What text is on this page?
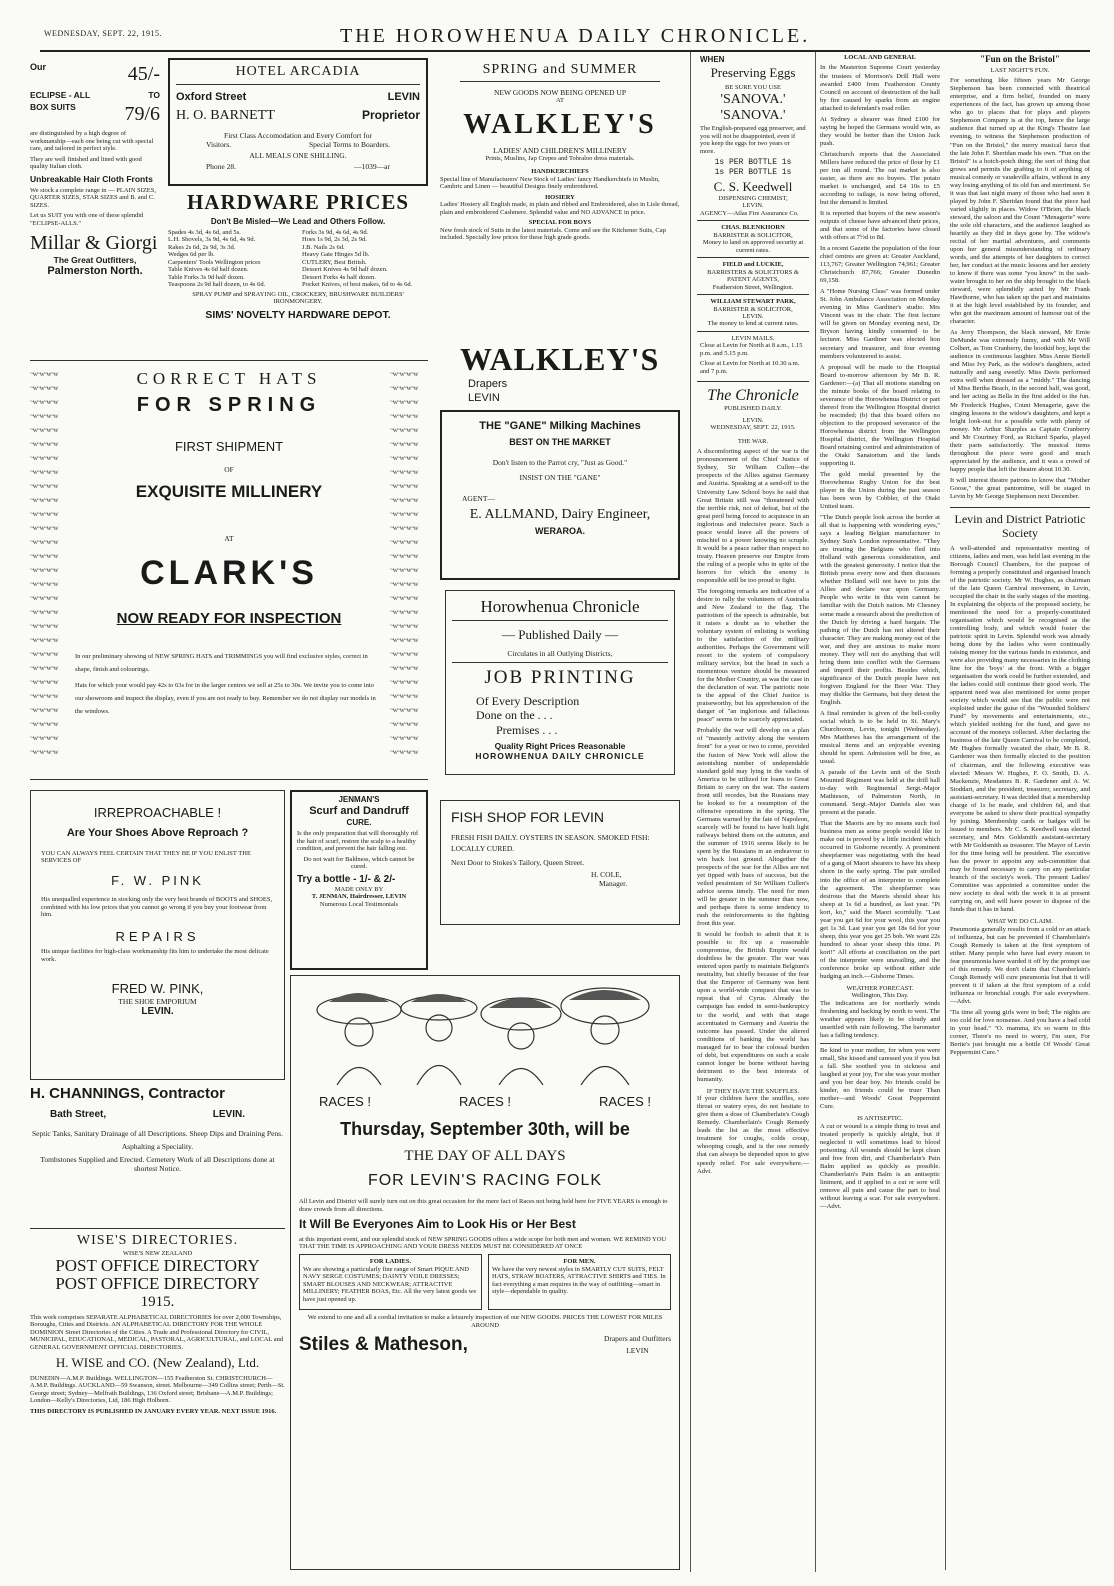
WEDNESDAY, SEPT. 22, 1915.	THE HOROWHENUA DAILY CHRONICLE.
Our	45/-
ECLIPSE - ALL	TO
BOX SUITS 79/6

are distinguished by a high degree of workmanship—each one being cut with special care, and tailored in perfect style.

They are well finished and lined with good quality Italian cloth.

Unbreakable Hair Cloth Fronts

We stock a complete range in — PLAIN SIZES, QUARTER SIZES, STAR SIZES and B. and C. SIZES.

Let us SUIT you with one of these splendid "ECLIPSE-ALLS."

Millar & Giorgi
The Great Outfitters,
Palmerston North.
HOTEL ARCADIA
Oxford Street	LEVIN
H. O. BARNETT	Proprietor
First Class Accomodation and Every Comfort for
Visitors.	Special Terms to Boarders.
ALL MEALS ONE SHILLING.
Phone 28.	—1039—ar
HARDWARE PRICES
Don't Be Misled—We Lead and Others Follow.
Spades 4s 3d, 4s 6d, and 5s.
L.H. Shovels, 3s 9d, 4s 6d, 4s 9d.
Rakes 2s 6d, 2s 9d, 3s 3d.
Wedges 6d per lb.
Carpenters' Tools Wellington prices
Table Knives 4s 6d half dozen.
Table Forks 3s 9d half dozen.
Teaspoons 2s 9d half dozen, to 4s 6d.
Forks 3s 9d, 4s 6d, 4s 9d.
Hoes 1s 9d, 2s 3d, 2s 9d.
J.B. Nails 2s 6d.
Heavy Gate Hinges 5d lb.
CUTLERY, Best British.
Dessert Knives 4s 9d half dozen.
Dessert Forks 4s half dozen.
Pocket Knives, of best makes, 6d to 4s 6d.
SPRAY PUMP and SPRAYING OIL, CROCKERY, BRUSHWARE BUILDERS' IRONMONGERY.
SIMS' NOVELTY HARDWARE DEPOT.
~w~w~w~w ~w~w~w~w ~w~w~w~w ~w~w~w~w ~w~w~w~w ~w~w~w~w ~w~w~w~w ~w~w~w~w ~w~w~w~w ~w~w~w~w ~w~w~w~w ~w~w~w~w ~w~w~w~w ~w~w~w~w ~w~w~w~w ~w~w~w~w ~w~w~w~w ~w~w~w~w ~w~w~w~w ~w~w~w~w ~w~w~w~w ~w~w~w~w ~w~w~w~w ~w~w~w~w ~w~w~w~w ~w~w~w~w ~w~w~w~w ~w~w~w~w
~w~w~w~w ~w~w~w~w ~w~w~w~w ~w~w~w~w ~w~w~w~w ~w~w~w~w ~w~w~w~w ~w~w~w~w ~w~w~w~w ~w~w~w~w ~w~w~w~w ~w~w~w~w ~w~w~w~w ~w~w~w~w ~w~w~w~w ~w~w~w~w ~w~w~w~w ~w~w~w~w ~w~w~w~w ~w~w~w~w ~w~w~w~w ~w~w~w~w ~w~w~w~w ~w~w~w~w ~w~w~w~w ~w~w~w~w ~w~w~w~w ~w~w~w~w
CORRECT HATS
FOR SPRING
FIRST SHIPMENT
OF
EXQUISITE MILLINERY
AT
CLARK'S
NOW READY FOR INSPECTION

In our preliminary showing of NEW SPRING HATS and TRIMMINGS you will find exclusive styles, correct in shape, finish and colourings.

Hats for which your would pay 42s to 63s for in the larger centres we sell at 25s to 30s. We invite you to come into our showroom and inspect the display, even if you are not ready to buy. Remember we do not display our models in the windows.

IRREPROACHABLE !
Are Your Shoes Above Reproach ?

YOU CAN ALWAYS FEEL CERTAIN THAT THEY BE IF YOU ENLIST THE SERVICES OF

F. W. PINK

His unequalled experience in stocking only the very best brands of BOOTS and SHOES, combined with his low prices that you cannot go wrong if you buy your footwear from him.

REPAIRS

His unique facilities for high-class workmanship fits him to undertake the most delicate work.

FRED W. PINK,
THE SHOE EMPORIUM
LEVIN.
JENMAN'S
Scurf and Dandruff
CURE.

Is the only preparation that will thoroughly rid the hair of scurf, restore the scalp to a healthy condition, and prevent the hair falling out.

Do not wait for Baldness, which cannot be cured.

Try a bottle - 1/- & 2/-
MADE ONLY BY
T. JENMAN, Hairdresser, LEVIN
Numerous Local Testimonials
H. CHANNINGS, Contractor
Bath Street,	LEVIN.

Septic Tanks, Sanitary Drainage of all Descriptions. Sheep Dips and Draining Pens.

Asphalting a Speciality.

Tombstones Supplied and Erected. Cemetery Work of all Descriptions done at shortest Notice.

WISE'S DIRECTORIES.
WISE'S NEW ZEALAND
POST OFFICE DIRECTORY
POST OFFICE DIRECTORY
1915.

This work comprises SEPARATE ALPHABETICAL DIRECTORIES for over 2,000 Townships, Boroughs, Cities and Districts. AN ALPHABETICAL DIRECTORY FOR THE WHOLE DOMINION Street Directories of the Cities. A Trade and Professional Directory for CIVIL, MUNICIPAL, EDUCATIONAL, MEDICAL, PASTORAL, AGRICULTURAL, and LOCAL and GENERAL GOVERNMENT OFFICIAL DIRECTORIES.

H. WISE and CO. (New Zealand), Ltd.

DUNEDIN—A.M.P. Buildings. WELLINGTON—155 Featherston St. CHRISTCHURCH—A.M.P. Buildings. AUCKLAND—59 Swanson, street. Melbourne—349 Collins street; Perth—St. George street; Sydney—Melfrath Buildings, 136 Oxford street; Brisbane—A.M.P. Buildings; London—Kelly's Directories, Ltd, 186 High Holborn.

THIS DIRECTORY IS PUBLISHED IN JANUARY EVERY YEAR. NEXT ISSUE 1916.

SPRING and SUMMER
NEW GOODS NOW BEING OPENED UP
AT
WALKLEY'S
LADIES' AND CHILDREN'S MILLINERY
Prints, Muslins, Jap Crepes and Tobraloo dress materials.
HANDKERCHIEFS

Special line of Manufacturers' New Stock of Ladies' fancy Handkerchiefs in Muslin, Cambric and Linen — beautiful Designs finely embroidered.

HOSIERY

Ladies' Hosiery all English made, in plain and ribbed and Embroidered, also in Lisle thread, plain and embroidered Cashmere. Splendid value and NO ADVANCE in price.

SPECIAL FOR BOYS

New fresh stock of Suits in the latest materials. Come and see the Kitchener Suits, Cap included. Specially low prices for these high grade goods.

WALKLEY'S
Drapers
LEVIN
THE "GANE" Milking Machines
BEST ON THE MARKET
Don't listen to the Parrot cry, "Just as Good."
INSIST ON THE "GANE"
AGENT—
E. ALLMAND, Dairy Engineer,
WERAROA.
Horowhenua Chronicle
— Published Daily —
Circulates in all Outlying Districts,
JOB PRINTING
Of Every Description
Done on the . . .
Premises . . .
Quality Right Prices Reasonable
HOROWHENUA DAILY CHRONICLE
FISH SHOP FOR LEVIN

FRESH FISH DAILY. OYSTERS IN SEASON. SMOKED FISH: LOCALLY CURED.

Next Door to Stokes's Tailory, Queen Street.

H. COLE,
Manager.
RACES !	RACES !	RACES !
Thursday, September 30th, will be
THE DAY OF ALL DAYS
FOR LEVIN'S RACING FOLK

All Levin and District will surely turn out on this great occasion for the mere fact of Races not being held here for FIVE YEARS is enough to draw crowds from all directions.

It Will Be Everyones Aim to Look His or Her Best

at this important event, and our splendid stock of NEW SPRING GOODS offers a wide scope for both men and women. WE REMIND YOU THAT THE TIME IS APPROACHING AND YOUR DRESS NEEDS MUST BE CONSIDERED AT ONCE

FOR LADIES.

We are showing a particularly fine range of Smart PIQUE AND NAVY SERGE COSTUMES; DAINTY VOILE DRESSES; SMART BLOUSES AND NECKWEAR; ATTRACTIVE MILLINERY; FEATHER BOAS, Etc. All the very latest goods we have just opened up.

FOR MEN.

We have the very newest styles in SMARTLY CUT SUITS, FELT HATS, STRAW BOATERS, ATTRACTIVE SHIRTS and TIES. In fact everything a man requires in the way of outfitting—smart in style—dependable in quality.

We extend to one and all a cordial invitation to make a leisurely inspection of our NEW GOODS. PRICES THE LOWEST FOR MILES AROUND

Stiles & Matheson,	Drapers and Outfitters
LEVIN
WHEN
Preserving Eggs
BE SURE YOU USE
'SANOVA.'
'SANOVA.'

The English-prepared egg preserver, and you will not be disappointed, even if you keep the eggs for two years or more.

1s PER BOTTLE 1s
1s PER BOTTLE 1s
C. S. Keedwell
DISPENSING CHEMIST,
LEVIN.
AGENCY—Atlas Fire Assurance Co.
CHAS. BLENKHORN
BARRISTER & SOLICITOR,
Money to land on approved security at current rates.
FIELD and LUCKIE,
BARRISTERS & SOLICITORS & PATENT AGENTS,
Featherston Street, Wellington.
WILLIAM STEWART PARK,
BARRISTER & SOLICITOR,
LEVIN.
The money to lend at current rates.
LEVIN MAILS.

Close at Levin for North at 8 a.m., 1.15 p.m. and 5.15 p.m.

Close at Levin for North at 10.30 a.m. and 7 p.m.

The Chronicle
PUBLISHED DAILY.
LEVIN.
WEDNESDAY, SEPT. 22, 1915.
THE WAR.

A discomforting aspect of the war is the pronouncement of the Chief Justice of Sydney, Sir William Cullen—the prospects of the Allies against Germany and Austria. Speaking at a send-off to the University Law School boys he said that Great Britain still was "threatened with the terrible risk, not of defeat, but of the great peril being forced to acquiesce in an inglorious and indecisive peace. Such a peace would leave all the powers of mischief to a power knowing no scruple. It would be a peace rather than respect no treaty. Heaven preserve our Empire from the ruling of a people who in spite of the horrors for which the enemy is responsible still be too proud to fight.

The foregoing remarks are indicative of a desire to rally the volunteers of Australia and New Zealand to the flag. The patriotism of the speech is admirable, but it raises a doubt as to whether the voluntary system of enlisting is working to the satisfaction of the military authorities. Perhaps the Government will resort to the system of compulsory military service, but the head in such a momentous venture should be measured for the Mother Country, as was the case in the declaration of war. The patriotic note is the appeal of the Chief Justice is praiseworthy, but his apprehension of the danger of "an inglorious and fallacious peace" seems to be scarcely appreciated.

Probably the war will develop on a plan of "masterly activity along the western front" for a year or two to come, provided the fusion of New York will allow the astonishing number of undependable standard gold may lying in the vaults of America to be utilized for loans to Great Britain to carry on the war. The eastern front still recedes, but the Russians may be looked to for a resumption of the offensive operations in the spring. The Germans warned by the fate of Napoleon, scarcely will be found to have built light railways behind them on the autumn, and the summer of 1916 seems likely to be spent by the Russians in an endeavour to win back lost ground. Altogether the prospects of the war for the Allies are not yet tipped with hues of success, but the veiled pessimism of Sir William Cullen's advice seems timely. The need for men will be greater in the summer than now, and perhaps there is some tendency to rush the reinforcements to the fighting front this year.

It would be foolish to admit that it is possible to fix up a reasonable compromise, the British Empire would doubtless be the greater. The war was entered upon partly to maintain Belgium's neutrality, but chiefly because of the fear that the Emperor of Germany was bent upon a world-wide conquest that was to repeat that of Cyrus. Already the campaign has ended in semi-bankruptcy to the world, and with that stage accentuated in Germany and Austria the outcome has passed. Under the altered conditions of banking the world has managed far to bear the colossal burden of debt, but expenditures on such a scale cannot longer be borne without having detriment to the best interests of humanity.

IF THEY HAVE THE SNUFFLES.

If your children have the snuffles, sore throat or watery eyes, do not hesitate to give them a dose of Chamberlain's Cough Remedy. Chamberlain's Cough Remedy leads the list as the most effective treatment for coughs, colds croup, whooping cough, and is the one remedy that can always be depended upon to give speedy relief. For sale everywhere.—Advt.

LOCAL AND GENERAL

In the Masterton Supreme Court yesterday the trustees of Morrison's Drill Hall were awarded £400 from Featherston County Council on account of destruction of the hall by fire caused by sparks from an engine attached to defendant's road roller.

At Sydney a shearer was fined £100 for saying he hoped the Germans would win, as they would be better than the Union Jack push.

Christchurch reports that the Associated Millers have reduced the price of flour by £1 per ton all round. The oat market is also easier, as there are no buyers. The potato market is unchanged, and £4 10s to £5 according to railage, is now being offered, but the demand is limited.

It is reported that buyers of the new season's outputs of cheese have advanced their prices, and that some of the factories have closed with offers at 7½d to 8d.

In a recent Gazette the population of the four chief centres are given at: Greater Auckland, 113,767; Greater Wellington 74,961; Greater Christchurch 87,766; Greater Dunedin 69,158.

A "Home Nursing Class" was formed under St. John Ambulance Association on Monday evening in Miss Gardiner's studio. Mrs Vincent was in the chair. The first lecture will be given on Monday evening next, Dr Bryson having kindly consented to be lecturer. Miss Gardiner was elected hon secretary and treasurer, and four evening members volunteered to assist.

A proposal will be made to the Hospital Board to-morrow afternoon by Mr B. R. Gardener:—(a) That all motions standing on the minute books of the board relating to severance of the Horowhenua District or part thereof from the Wellington Hospital district be rescinded; (b) that this board offers no objection to the proposed severance of the Horowhenua district from the Wellington Hospital district, the Wellington Hospital Board retaining control and administration of the Otaki Sanatorium and the lands supporting it.

The gold medal presented by the Horowhenua Rugby Union for the best player in the Union during the past season has been won by Cobbler, of the Otaki United team.

"The Dutch people look across the border at all that is happening with wondering eyes," says a leading Belgian manufacturer to Sydney Sun's London representative. "They are treating the Belgians who fled into Holland with generous consideration, and with the greatest generosity. I notice that the British press every now and then discusses whether Holland will not have to join the Allies and declare war upon Germany. People who write in this vein cannot be familiar with the Dutch nation. Mr Chesney some made a research about the prediction of the Dutch by driving a hard bargain. The pathing of the Dutch has not altered their character. They are making money out of the war, and they are anxious to make more money. They will not do anything that will bring them into conflict with the Germans and imperil their profits. Besides which, significance of the Dutch people have not forgiven England for the Boer War. They may dislike the Germans, but they detest the English.

A final reminder is given of the bell-coolty social which is to be held in St. Mary's Churchroom, Levin, tonight (Wednesday). Mrs Matthews has the arrangement of the musical items and an enjoyable evening should be spent. Admission will be free, as usual.

A parade of the Levin unit of the Sixth Mounted Regiment was held at the drill hall to-day with Regimental Sergt.-Major Mathieson, of Palmerston North, in command. Sergt.-Major Daniels also was present at the parade.

That the Maoris are by no means such fool business men as some people would like to make out is proved by a little incident which occurred in Gisborne recently. A prominent sheepfarmer was negotiating with the head of a gang of Maori shearers to have his sheep shorn in the early spring. The pair strolled into the office of an interpreter to complete the agreement. The sheepfarmer was desirous that the Maoris should shear his sheep at 1s 6d a hundred, as last year. "Pi kori, ko," said the Maori scornfully. "Last year you get 6d for your wool, this year you get 1s 3d. Last year you get 18s 6d for your sheep, this year you get 25 bob. We want 22s hundred to shear your sheep this time. Pi kori!" All efforts at conciliation on the part of the interpreter were unavailing, and the conference broke up without either side budging an inch.—Gisborne Times.

WEATHER FORECAST.
Wellington, This Day.

The indications are for northerly winds freshening and backing by north to west. The weather appears likely to be cloudy and unsettled with rain following. The barometer has a falling tendency.

Be kind to your mother, for when you were small, She kissed and caressed you if you but a fall. She soothed you in sickness and laughed at your joy, For she was your mother and you her dear boy. No friends could be kinder, no friends could be truer Than mother—and Woods' Great Peppermint Cure.

IS ANTISEPTIC.

A cut or wound is a simple thing to treat and treated properly is quickly alright, but if neglected it will sometimes lead to blood poisoning. All wounds should be kept clean and free from dirt, and Chamberlain's Pain Balm applied as quickly as possible. Chamberlain's Pain Balm is an antiseptic liniment, and if applied to a cut or sore will remove all pain and cause the part to heal without leaving a scar. For sale everywhere.—Advt.

"Fun on the Bristol"
LAST NIGHT'S FUN.

For something like fifteen years Mr George Stephenson has been connected with theatrical enterprise, and a firm belief, founded on many experiences of the fact, has grown up among those who go to places that for plays and players Stephenson Company is at the top, hence the large audience that turned up at the King's Theatre last evening, to witness the Stephenson production of "Fun on the Bristol," the merry musical farce that the late John F. Sheridan made his own. "Fun on the Bristol" is a hotch-potch thing; the sort of thing that grows and permits the grafting to it of anything of musical comedy or vaudeville affairs, without in any way losing anything of its old fun and merriment. So it was that last night many of those who had seen it played by John F. Sheridan found that the piece had varied slightly in places. Widow O'Brien, the black steward, the saloon and the Count "Menagerie" were the sole old characters, and the audience laughed as heartily as they did in days gone by. The widow's recital of her marital adventures, and comments upon her general misunderstanding of ordinary words, and the attempts of her daughters to correct her, her conduct at the music lessons and her anxiety to know if there was some "you know" in the sash-water brought to her on the ship brought to the black steward, were splendidly acted by Mr Frank Hawthorne, who has taken up the part and maintains it at the high level established by its founder, and who got the maximum amount of humour out of the character.

As Jerry Thompson, the black steward, Mr Ernie DeMunde was extremely funny, and with Mr Will Colbert, as Tom Cranberry, the bootkid boy, kept the audience in continuous laughter. Miss Annie Bertell and Miss Ivy Park, as the widow's daughters, acted naturally and sang sweetly. Miss Davis performed extra well when dressed as a "middy." The dancing of Miss Bertha Beach, in the second half, was good, and her acting as Bella in the first added to the fun. Mr Frederick Hughes, Count Menagerie, gave the singing lessons to the widow's daughters, and kept a bright look-out for a possible wife with plenty of money. Mr Arthur Sharples as Captain Cranberry and Mr Courtney Ford, as Richard Sparks, played their parts satisfactorily. The musical items throughout the piece were good and much appreciated by the audience, and it was a crowd of happy people that left the theatre about 10.30.

It will interest theatre patrons to know that "Mother Goose," the great pantomime, will be staged in Levin by Mr George Stephenson next December.

Levin and District Patriotic Society

A well-attended and representative meeting of citizens, ladies and men, was held last evening in the Borough Council Chambers, for the purpose of forming a properly constituted and organised branch of the patriotic society. Mr W. Hughes, as chairman of the late Queen Carnival movement, in Levin, occupied the chair in the early stages of the meeting. In explaining the objects of the proposed society, he mentioned the need for a properly-constituted organisation which would be recognised as the controlling body, and which would foster the patriotic spirit in Levin. Splendid work was already being done by the ladies who were continually raising money for the various funds in existence, and were also providing many necessaries in the clothing line for the 'boys' at the front. With a bigger organisation the work could be further extended, and the ladies could still continue their good work. The apparent need was also mentioned for some proper society which would see that the public were not exploited under the guise of the "Wounded Soldiers' Fund" by movements and entertainments, etc., which yielded nothing for the fund, and gave no account of the moneys collected. After declaring the business of the late Queen Carnival to be completed, Mr Hughes formally vacated the chair, Mr B. R. Gardener was then formally elected to the position of chairman, and the following executive was elected: Messrs W. Hughes, F. O. Smith, D. A. Mackenzie, Mesdames B. R. Gardener and A. W. Stoddart, and the president, treasurer, secretary, and assistant-secretary. It was decided that a membership charge of 1s be made, and children 6d, and that everyone be asked to show their practical sympathy by joining. Membership cards or badges will be issued to members. Mr C. S. Keedwell was elected secretary, and Mrs Goldsmith assistant-secretary with Mr Goldsmith as treasurer. The Mayor of Levin for the time being will be president. The executive has the power to appoint any sub-committee that may be found necessary to carry on any particular branch of the society's work. The present Ladies' Committee was appointed a committee under the new society to deal with the work it is at present carrying on, and will have power to dispose of the funds that it has in hand.

WHAT WE DO CLAIM.

Pneumonia generally results from a cold or an attack of influenza, but can be prevented if Chamberlain's Cough Remedy is taken at the first symptom of either. Many people who have had every reason to fear pneumonia have warded it off by the prompt use of this remedy. We don't claim that Chamberlain's Cough Remedy will cure pneumonia but that it will prevent it if taken at the first symptom of a cold influenza or bronchial cough. For sale everywhere.—Advt.

'Tis time all young girls were in bed; The nights are too cold for love nonsense. And you have a bad cold in your head." "O. mamma, it's so warm in this corner, There's no need to worry, I'm sure, For Bertie's just brought me a bottle Of Woods' Great Peppermint Cure."
